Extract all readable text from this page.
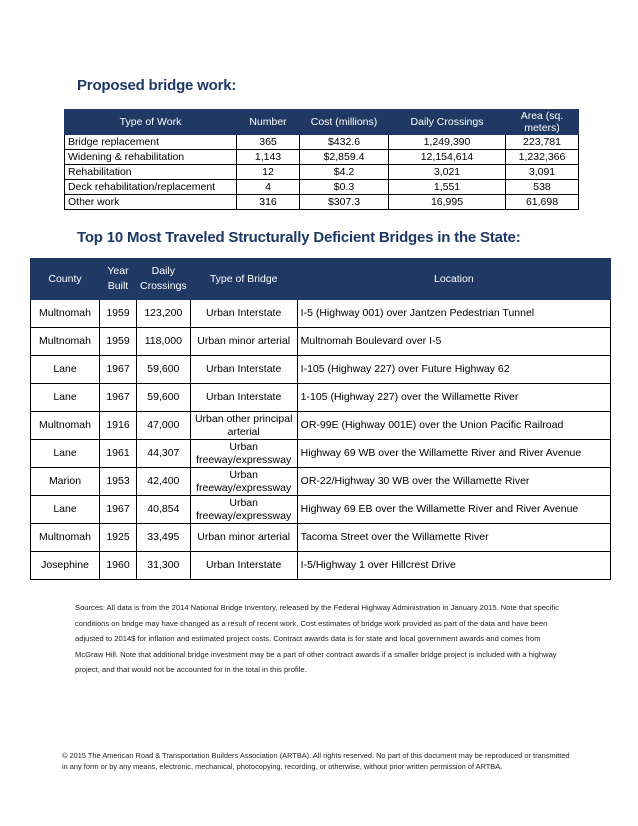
Proposed bridge work:
Type of Work	Number	Cost (millions)	Daily Crossings	Area (sq. meters)
Bridge replacement	365	$432.6	1,249,390	223,781
Widening & rehabilitation	1,143	$2,859.4	12,154,614	1,232,366
Rehabilitation	12	$4.2	3,021	3,091
Deck rehabilitation/replacement	4	$0.3	1,551	538
Other work	316	$307.3	16,995	61,698
Top 10 Most Traveled Structurally Deficient Bridges in the State:
County	Year Built	Daily Crossings	Type of Bridge	Location
Multnomah	1959	123,200	Urban Interstate	I-5 (Highway 001) over Jantzen Pedestrian Tunnel
Multnomah	1959	118,000	Urban minor arterial	Multnomah Boulevard over I-5
Lane	1967	59,600	Urban Interstate	I-105 (Highway 227) over Future Highway 62
Lane	1967	59,600	Urban Interstate	1-105 (Highway 227) over the Willamette River
Multnomah	1916	47,000	Urban other principal arterial	OR-99E (Highway 001E) over the Union Pacific Railroad
Lane	1961	44,307	Urban freeway/expressway	Highway 69 WB over the Willamette River and River Avenue
Marion	1953	42,400	Urban freeway/expressway	OR-22/Highway 30 WB over the Willamette River
Lane	1967	40,854	Urban freeway/expressway	Highway 69 EB over the Willamette River and River Avenue
Multnomah	1925	33,495	Urban minor arterial	Tacoma Street over the Willamette River
Josephine	1960	31,300	Urban Interstate	I-5/Highway 1 over Hillcrest Drive
Sources: All data is from the 2014 National Bridge Inventory, released by the Federal Highway Administration in January 2015. Note that specific conditions on bridge may have changed as a result of recent work. Cost estimates of bridge work provided as part of the data and have been adjusted to 2014$ for inflation and estimated project costs. Contract awards data is for state and local government awards and comes from McGraw Hill. Note that additional bridge investment may be a part of other contract awards if a smaller bridge project is included with a highway project, and that would not be accounted for in the total in this profile.
© 2015 The American Road & Transportation Builders Association (ARTBA). All rights reserved. No part of this document may be reproduced or transmitted in any form or by any means, electronic, mechanical, photocopying, recording, or otherwise, without prior written permission of ARTBA.
